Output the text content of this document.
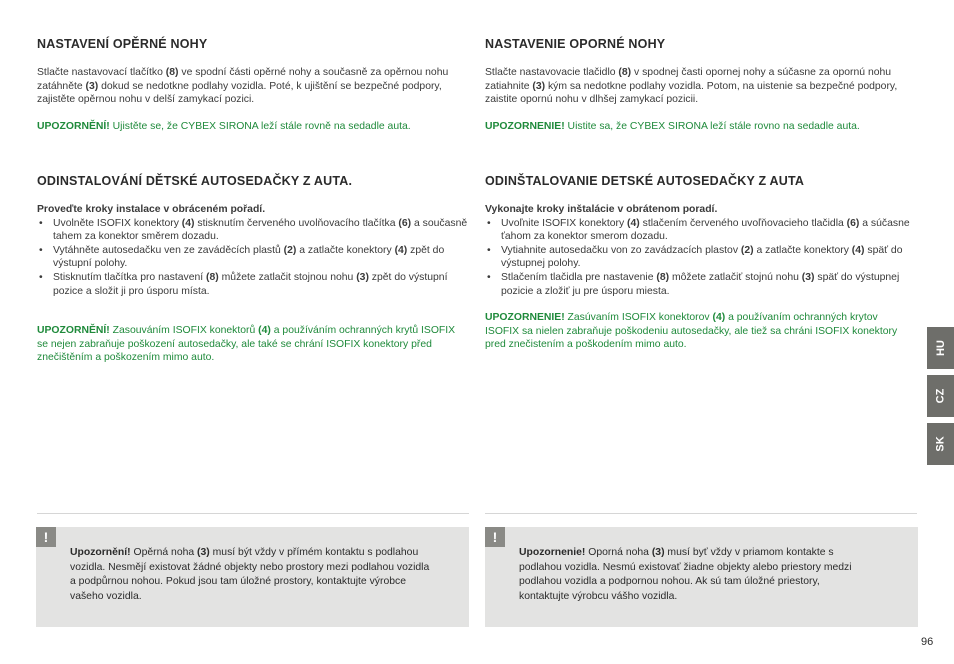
NASTAVENÍ OPĚRNÉ NOHY

Stlačte nastavovací tlačítko (8) ve spodní části opěrné nohy a současně za opěrnou nohu zatáhněte (3) dokud se nedotkne podlahy vozidla. Poté, k ujištění se bezpečné podpory, zajistěte opěrnou nohu v delší zamykací pozici.

UPOZORNĚNÍ! Ujistěte se, že CYBEX SIRONA leží stále rovně na sedadle auta.

ODINSTALOVÁNÍ DĚTSKÉ AUTOSEDAČKY Z AUTA.

Proveďte kroky instalace v obráceném pořadí.

• Uvolněte ISOFIX konektory (4) stisknutím červeného uvolňovacího tlačítka (6) a současně tahem za konektor směrem dozadu.
• Vytáhněte autosedačku ven ze zaváděcích plastů (2) a zatlačte konektory (4) zpět do výstupní polohy.
• Stisknutím tlačítka pro nastavení (8) můžete zatlačit stojnou nohu (3) zpět do výstupní pozice a složit ji pro úsporu místa.

UPOZORNĚNÍ! Zasouváním ISOFIX konektorů (4) a používáním ochranných krytů ISOFIX se nejen zabraňuje poškození autosedačky, ale také se chrání ISOFIX konektory před znečištěním a poškozením mimo auto.

NASTAVENIE OPORNÉ NOHY

Stlačte nastavovacie tlačidlo (8) v spodnej časti opornej nohy a súčasne za opornú nohu zatiahnite (3) kým sa nedotkne podlahy vozidla. Potom, na uistenie sa bezpečné podpory, zaistite opornú nohu v dlhšej zamykací pozicii.

UPOZORNENIE! Uistite sa, že CYBEX SIRONA leží stále rovno na sedadle auta.

ODINŠTALOVANIE DETSKÉ AUTOSEDAČKY Z AUTA

Vykonajte kroky inštalácie v obrátenom poradí.

• Uvoľnite ISOFIX konektory (4) stlačením červeného uvoľňovacieho tlačidla (6) a súčasne ťahom za konektor smerom dozadu.
• Vytiahnite autosedačku von zo zavádzacích plastov (2) a zatlačte konektory (4) späť do výstupnej polohy.
• Stlačením tlačidla pre nastavenie (8) môžete zatlačiť stojnú nohu (3) späť do výstupnej pozicie a zložiť ju pre úsporu miesta.

UPOZORNENIE! Zasúvaním ISOFIX konektorov (4) a používaním ochranných krytov ISOFIX sa nielen zabraňuje poškodeniu autosedačky, ale tiež sa chráni ISOFIX konektory pred znečistením a poškodením mimo auto.

!
Upozornění! Opěrná noha (3) musí být vždy v přímém kontaktu s podlahou vozidla. Nesmějí existovat žádné objekty nebo prostory mezi podlahou vozidla a podpůrnou nohou. Pokud jsou tam úložné prostory, kontaktujte výrobce vašeho vozidla.
!
Upozornenie! Oporná noha (3) musí byť vždy v priamom kontakte s podlahou vozidla. Nesmú existovať žiadne objekty alebo priestory medzi podlahou vozidla a podpornou nohou. Ak sú tam úložné priestory, kontaktujte výrobcu vášho vozidla.
HU
CZ
SK
96
